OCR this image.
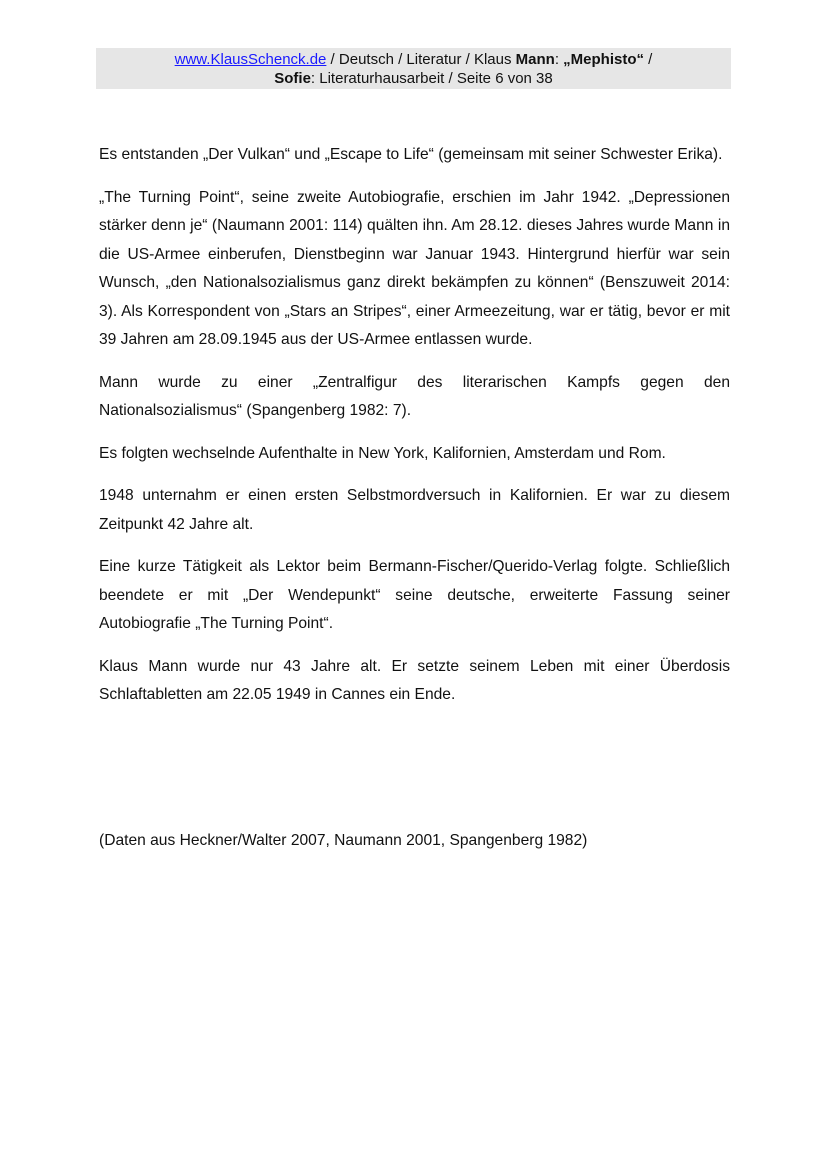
www.KlausSchenck.de / Deutsch / Literatur / Klaus Mann: „Mephisto“ /
Sofie: Literaturhausarbeit / Seite 6 von 38

Es entstanden „Der Vulkan“ und „Escape to Life“ (gemeinsam mit seiner Schwester Erika).

„The Turning Point“, seine zweite Autobiografie, erschien im Jahr 1942. „Depressionen stärker denn je“ (Naumann 2001: 114) quälten ihn. Am 28.12. dieses Jahres wurde Mann in die US-Armee einberufen, Dienstbeginn war Januar 1943. Hintergrund hierfür war sein Wunsch, „den Nationalsozialismus ganz direkt bekämpfen zu können“ (Benszuweit 2014: 3). Als Korrespondent von „Stars an Stripes“, einer Armeezeitung, war er tätig, bevor er mit 39 Jahren am 28.09.1945 aus der US-Armee entlassen wurde.

Mann wurde zu einer „Zentralfigur des literarischen Kampfs gegen den Nationalsozialismus“ (Spangenberg 1982: 7).

Es folgten wechselnde Aufenthalte in New York, Kalifornien, Amsterdam und Rom.

1948 unternahm er einen ersten Selbstmordversuch in Kalifornien. Er war zu diesem Zeitpunkt 42 Jahre alt.

Eine kurze Tätigkeit als Lektor beim Bermann-Fischer/Querido-Verlag folgte. Schließlich beendete er mit „Der Wendepunkt“ seine deutsche, erweiterte Fassung seiner Autobiografie „The Turning Point“.

Klaus Mann wurde nur 43 Jahre alt. Er setzte seinem Leben mit einer Überdosis Schlaftabletten am 22.05 1949 in Cannes ein Ende.

(Daten aus Heckner/Walter 2007, Naumann 2001, Spangenberg 1982)
